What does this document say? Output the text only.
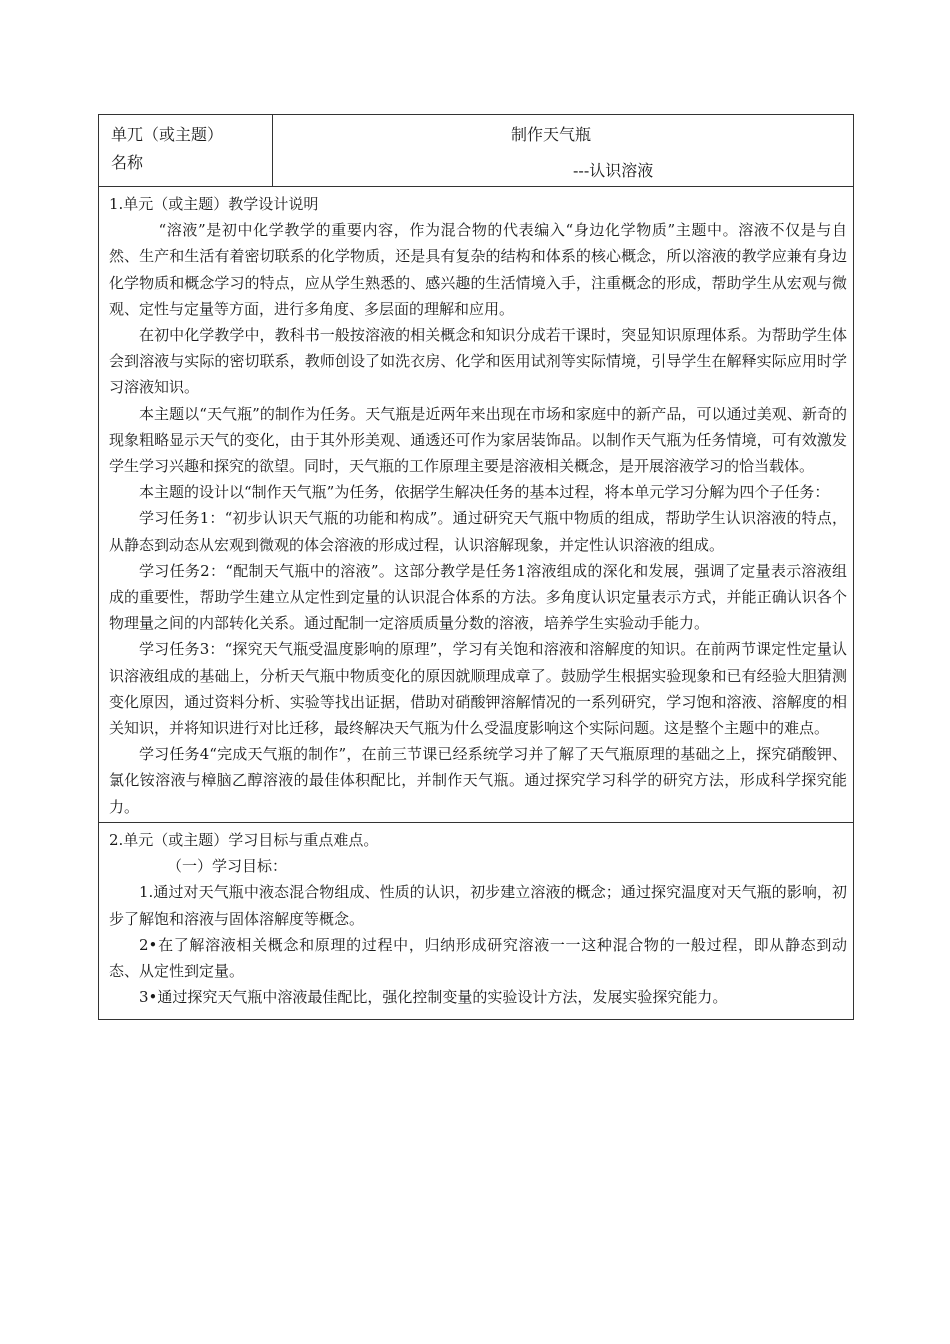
单兀（或主题）
名称
制作天气瓶
---认识溶液
1.单元（或主题）教学设计说明

“溶液”是初中化学教学的重要内容，作为混合物的代表编入“身边化学物质”主题中。溶液不仅是与自然、生产和生活有着密切联系的化学物质，还是具有复杂的结构和体系的核心概念，所以溶液的教学应兼有身边化学物质和概念学习的特点，应从学生熟悉的、感兴趣的生活情境入手，注重概念的形成，帮助学生从宏观与微观、定性与定量等方面，进行多角度、多层面的理解和应用。

在初中化学教学中，教科书一般按溶液的相关概念和知识分成若干课时，突显知识原理体系。为帮助学生体会到溶液与实际的密切联系，教师创设了如洗衣房、化学和医用试剂等实际情境，引导学生在解释实际应用时学习溶液知识。

本主题以“天气瓶”的制作为任务。天气瓶是近两年来出现在市场和家庭中的新产品，可以通过美观、新奇的现象粗略显示天气的变化，由于其外形美观、通透还可作为家居装饰品。以制作天气瓶为任务情境，可有效激发学生学习兴趣和探究的欲望。同时，天气瓶的工作原理主要是溶液相关概念，是开展溶液学习的恰当载体。

本主题的设计以“制作天气瓶”为任务，依据学生解决任务的基本过程，将本单元学习分解为四个子任务：

学习任务1：“初步认识天气瓶的功能和构成”。通过研究天气瓶中物质的组成，帮助学生认识溶液的特点，从静态到动态从宏观到微观的体会溶液的形成过程，认识溶解现象，并定性认识溶液的组成。

学习任务2：“配制天气瓶中的溶液”。这部分教学是任务1溶液组成的深化和发展，强调了定量表示溶液组成的重要性，帮助学生建立从定性到定量的认识混合体系的方法。多角度认识定量表示方式，并能正确认识各个物理量之间的内部转化关系。通过配制一定溶质质量分数的溶液，培养学生实验动手能力。

学习任务3：“探究天气瓶受温度影响的原理”，学习有关饱和溶液和溶解度的知识。在前两节课定性定量认识溶液组成的基础上，分析天气瓶中物质变化的原因就顺理成章了。鼓励学生根据实验现象和已有经验大胆猜测变化原因，通过资料分析、实验等找出证据，借助对硝酸钾溶解情况的一系列研究，学习饱和溶液、溶解度的相关知识，并将知识进行对比迁移，最终解决天气瓶为什么受温度影响这个实际问题。这是整个主题中的难点。

学习任务4“完成天气瓶的制作”，在前三节课已经系统学习并了解了天气瓶原理的基础之上，探究硝酸钾、氯化铵溶液与樟脑乙醇溶液的最佳体积配比，并制作天气瓶。通过探究学习科学的研究方法，形成科学探究能力。

2.单元（或主题）学习目标与重点难点。

（一）学习目标：

1.通过对天气瓶中液态混合物组成、性质的认识，初步建立溶液的概念；通过探究温度对天气瓶的影响，初步了解饱和溶液与固体溶解度等概念。

2•在了解溶液相关概念和原理的过程中，归纳形成研究溶液一一这种混合物的一般过程，即从静态到动态、从定性到定量。

3•通过探究天气瓶中溶液最佳配比，强化控制变量的实验设计方法，发展实验探究能力。
